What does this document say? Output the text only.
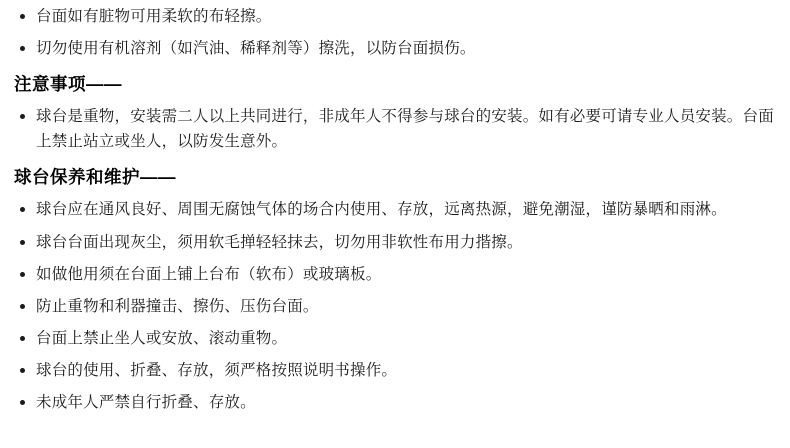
台面如有脏物可用柔软的布轻擦。
切勿使用有机溶剂（如汽油、稀释剂等）擦洗，以防台面损伤。
注意事项——
球台是重物，安装需二人以上共同进行，非成年人不得参与球台的安装。如有必要可请专业人员安装。台面上禁止站立或坐人，以防发生意外。
球台保养和维护——
球台应在通风良好、周围无腐蚀气体的场合内使用、存放，远离热源，避免潮湿，谨防暴晒和雨淋。
球台台面出现灰尘，须用软毛掸轻轻抹去，切勿用非软性布用力揩擦。
如做他用须在台面上铺上台布（软布）或玻璃板。
防止重物和利器撞击、擦伤、压伤台面。
台面上禁止坐人或安放、滚动重物。
球台的使用、折叠、存放，须严格按照说明书操作。
未成年人严禁自行折叠、存放。
